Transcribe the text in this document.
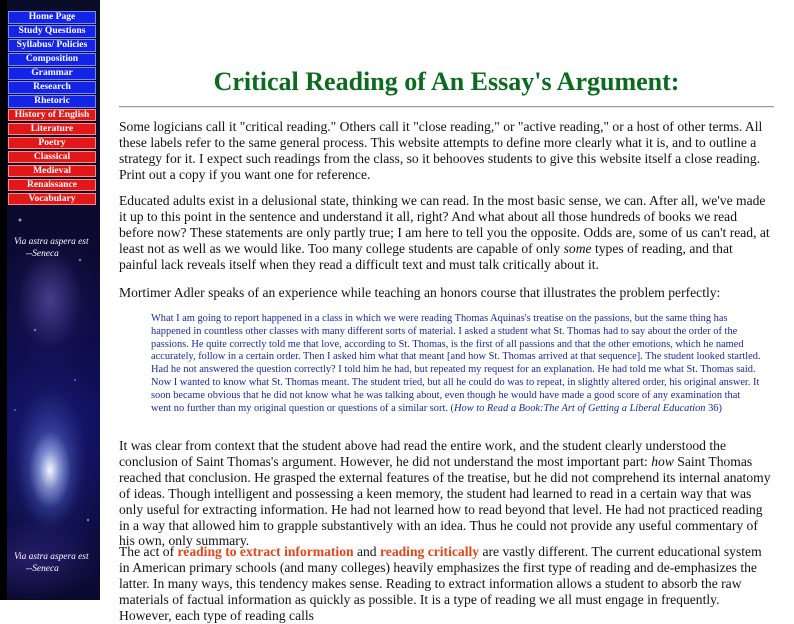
Home Page
Study Questions
Syllabus/ Policies
Composition
Grammar
Research
Rhetoric
History of English
Literature
Poetry
Classical
Medieval
Renaissance
Vocabulary
Via astra aspera est
--Seneca
Via astra aspera est
--Seneca
Critical Reading of An Essay's Argument:

Some logicians call it "critical reading." Others call it "close reading," or "active reading," or a host of other terms. All these labels refer to the same general process. This website attempts to define more clearly what it is, and to outline a strategy for it. I expect such readings from the class, so it behooves students to give this website itself a close reading. Print out a copy if you want one for reference.

Educated adults exist in a delusional state, thinking we can read. In the most basic sense, we can. After all, we've made it up to this point in the sentence and understand it all, right? And what about all those hundreds of books we read before now? These statements are only partly true; I am here to tell you the opposite. Odds are, some of us can't read, at least not as well as we would like. Too many college students are capable of only some types of reading, and that painful lack reveals itself when they read a difficult text and must talk critically about it.

Mortimer Adler speaks of an experience while teaching an honors course that illustrates the problem perfectly:

What I am going to report happened in a class in which we were reading Thomas Aquinas's treatise on the passions, but the same thing has happened in countless other classes with many different sorts of material. I asked a student what St. Thomas had to say about the order of the passions. He quite correctly told me that love, according to St. Thomas, is the first of all passions and that the other emotions, which he named accurately, follow in a certain order. Then I asked him what that meant [and how St. Thomas arrived at that sequence]. The student looked startled. Had he not answered the question correctly? I told him he had, but repeated my request for an explanation. He had told me what St. Thomas said. Now I wanted to know what St. Thomas meant. The student tried, but all he could do was to repeat, in slightly altered order, his original answer. It soon became obvious that he did not know what he was talking about, even though he would have made a good score of any examination that went no further than my original question or questions of a similar sort. (How to Read a Book:The Art of Getting a Liberal Education 36)

It was clear from context that the student above had read the entire work, and the student clearly understood the conclusion of Saint Thomas's argument. However, he did not understand the most important part: how Saint Thomas reached that conclusion. He grasped the external features of the treatise, but he did not comprehend its internal anatomy of ideas. Though intelligent and possessing a keen memory, the student had learned to read in a certain way that was only useful for extracting information. He had not learned how to read beyond that level. He had not practiced reading in a way that allowed him to grapple substantively with an idea. Thus he could not provide any useful commentary of his own, only summary.

The act of reading to extract information and reading critically are vastly different. The current educational system in American primary schools (and many colleges) heavily emphasizes the first type of reading and de-emphasizes the latter. In many ways, this tendency makes sense. Reading to extract information allows a student to absorb the raw materials of factual information as quickly as possible. It is a type of reading we all must engage in frequently. However, each type of reading calls
